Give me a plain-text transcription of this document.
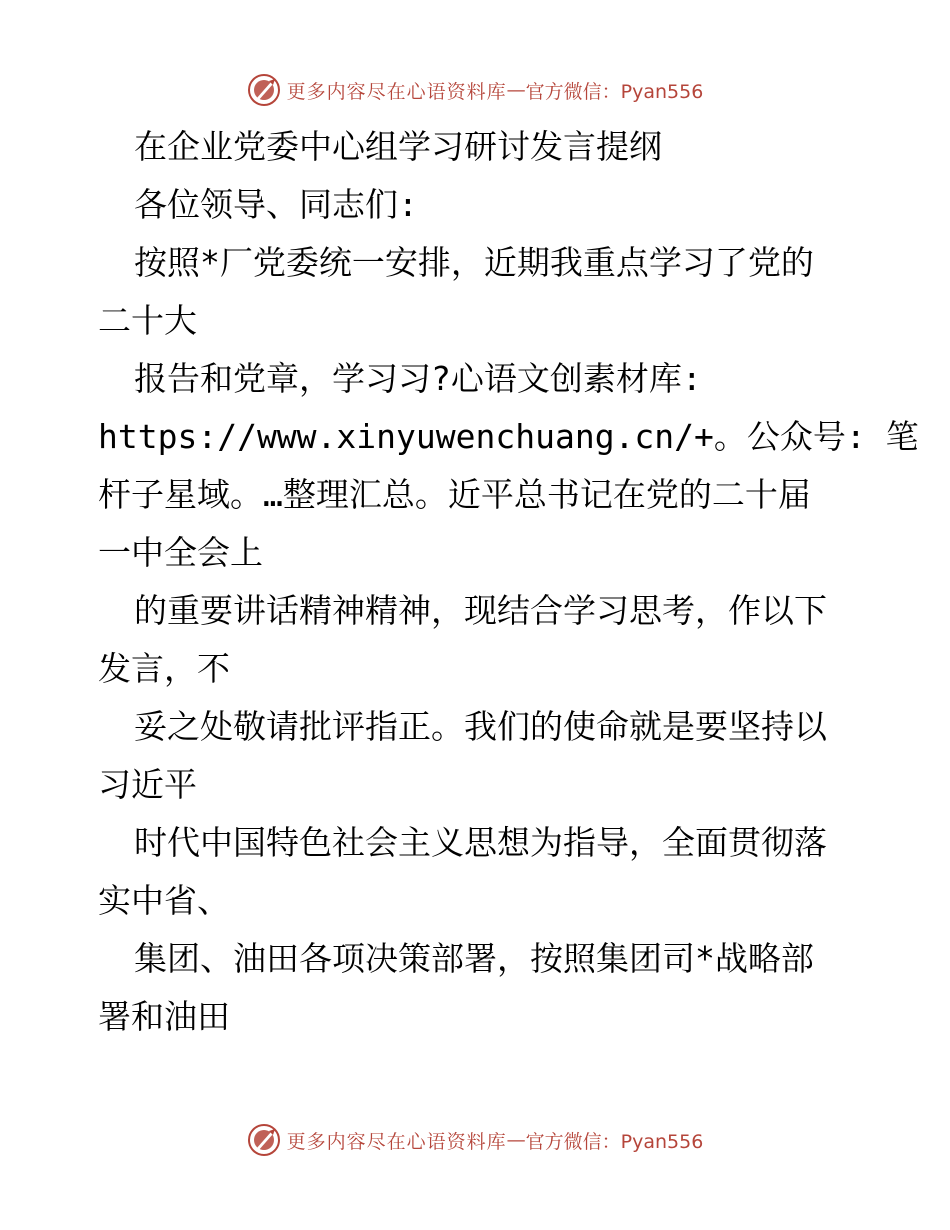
更多内容尽在心语资料库 — 官方微信：Pyan556
在企业党委中心组学习研讨发言提纲
各位领导、同志们:
按照*厂党委统一安排，近期我重点学习了党的
二十大
报告和党章，学习习?心语文创素材库:
https://www.xinyuwenchuang.cn/+。公众号: 笔
杆子星域。…整理汇总。近平总书记在党的二十届
一中全会上
的重要讲话精神精神，现结合学习思考，作以下
发言，不
妥之处敬请批评指正。我们的使命就是要坚持以
习近平
时代中国特色社会主义思想为指导，全面贯彻落
实中省、
集团、油田各项决策部署，按照集团司*战略部
署和油田
更多内容尽在心语资料库 — 官方微信：Pyan556
